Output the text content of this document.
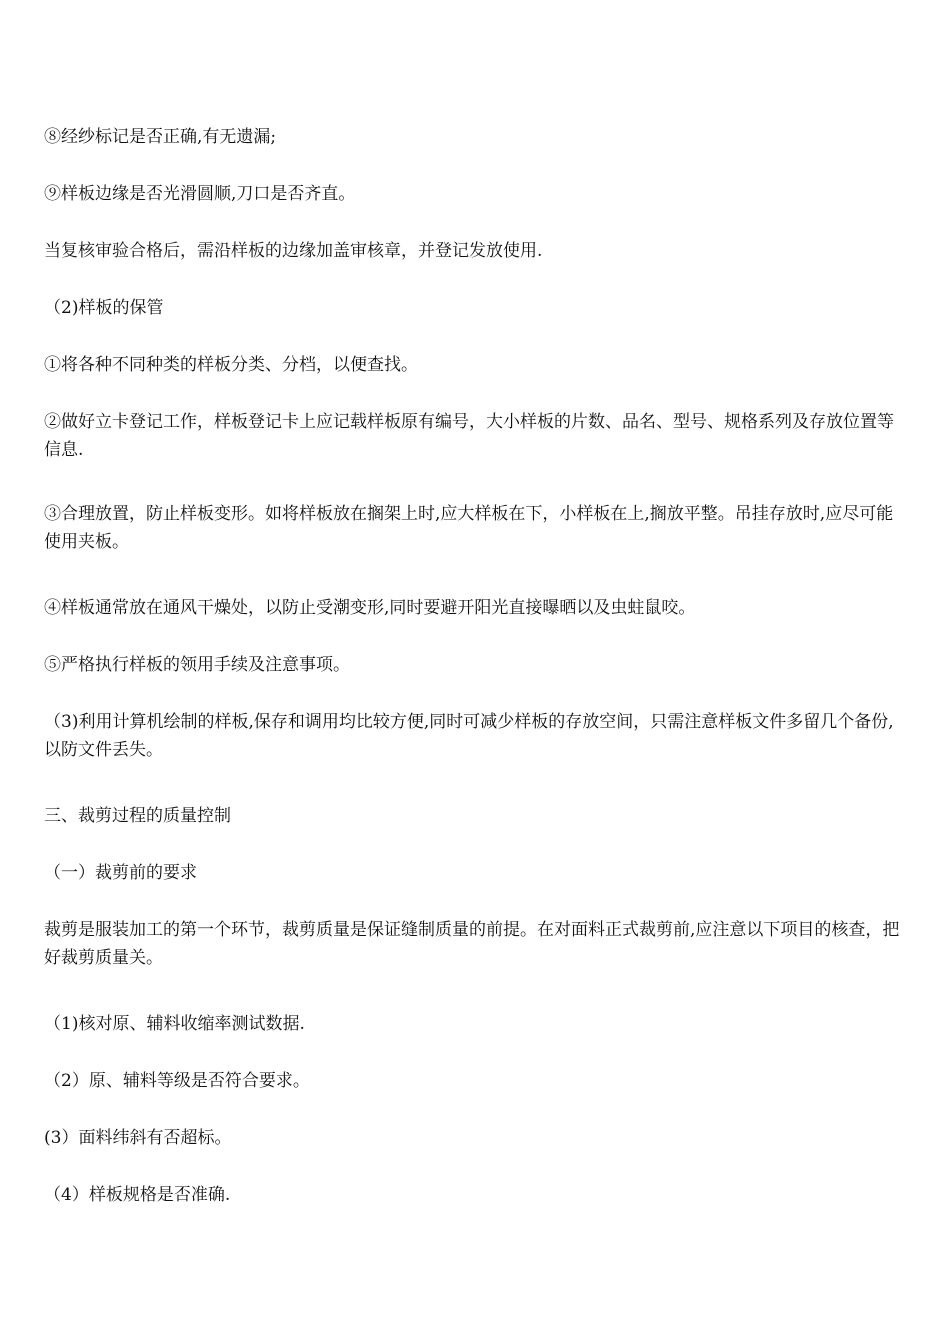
⑧经纱标记是否正确,有无遗漏;

⑨样板边缘是否光滑圆顺,刀口是否齐直。

当复核审验合格后，需沿样板的边缘加盖审核章，并登记发放使用.

（2)样板的保管

①将各种不同种类的样板分类、分档，以便查找。

②做好立卡登记工作，样板登记卡上应记载样板原有编号，大小样板的片数、品名、型号、规格系列及存放位置等信息.

③合理放置，防止样板变形。如将样板放在搁架上时,应大样板在下，小样板在上,搁放平整。吊挂存放时,应尽可能使用夹板。

④样板通常放在通风干燥处，以防止受潮变形,同时要避开阳光直接曝晒以及虫蛀鼠咬。

⑤严格执行样板的领用手续及注意事项。

（3)利用计算机绘制的样板,保存和调用均比较方便,同时可减少样板的存放空间，只需注意样板文件多留几个备份,以防文件丢失。

三、裁剪过程的质量控制

（一）裁剪前的要求

裁剪是服装加工的第一个环节，裁剪质量是保证缝制质量的前提。在对面料正式裁剪前,应注意以下项目的核查，把好裁剪质量关。

（1)核对原、辅料收缩率测试数据.

（2）原、辅料等级是否符合要求。

(3）面料纬斜有否超标。

（4）样板规格是否准确.
